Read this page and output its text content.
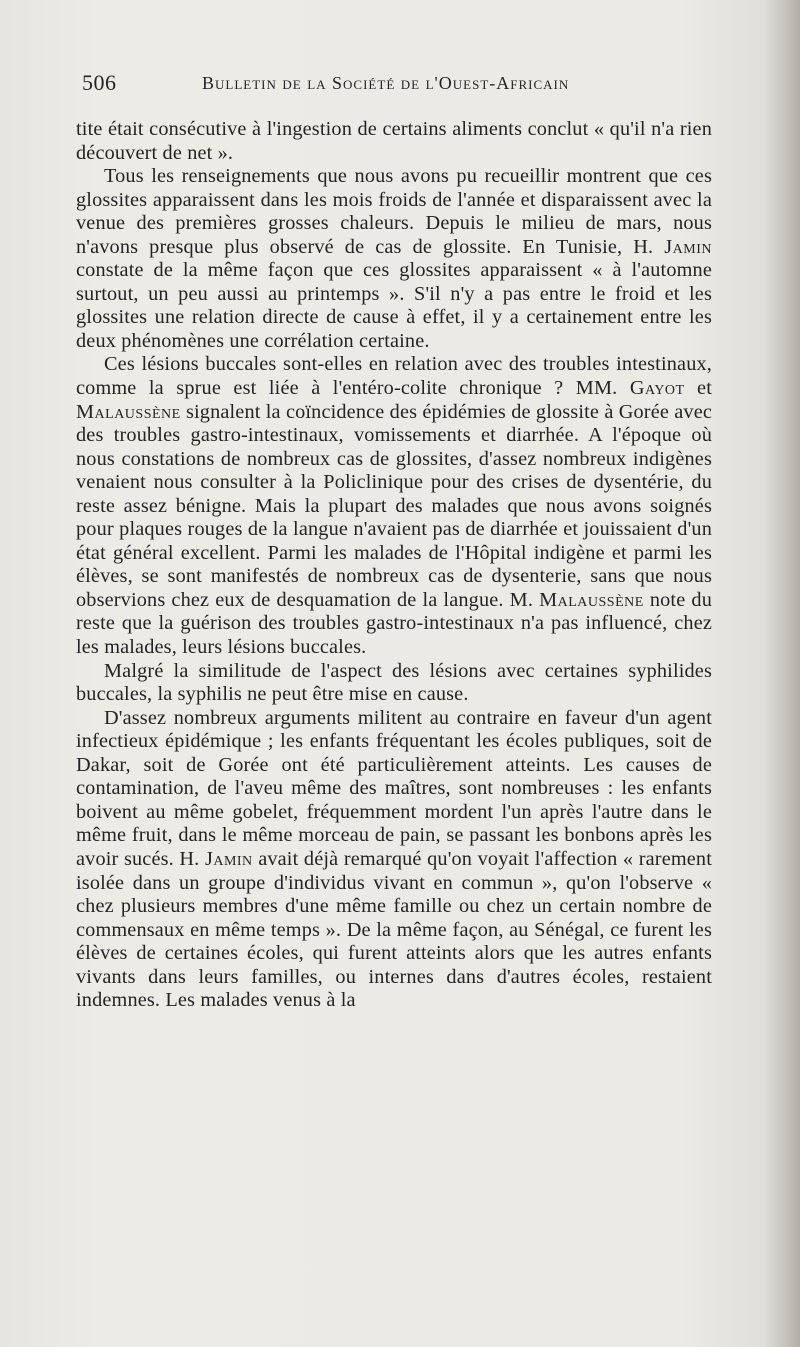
506	Bulletin de la Société de l'Ouest-Africain

tite était consécutive à l'ingestion de certains aliments conclut « qu'il n'a rien découvert de net ».

Tous les renseignements que nous avons pu recueillir montrent que ces glossites apparaissent dans les mois froids de l'année et disparaissent avec la venue des premières grosses chaleurs. Depuis le milieu de mars, nous n'avons presque plus observé de cas de glossite. En Tunisie, H. Jamin constate de la même façon que ces glossites apparaissent « à l'automne surtout, un peu aussi au printemps ». S'il n'y a pas entre le froid et les glossites une relation directe de cause à effet, il y a certainement entre les deux phénomènes une corrélation certaine.

Ces lésions buccales sont-elles en relation avec des troubles intestinaux, comme la sprue est liée à l'entéro-colite chronique ? MM. Gayot et Malaussène signalent la coïncidence des épidémies de glossite à Gorée avec des troubles gastro-intestinaux, vomissements et diarrhée. A l'époque où nous constations de nombreux cas de glossites, d'assez nombreux indigènes venaient nous consulter à la Policlinique pour des crises de dysentérie, du reste assez bénigne. Mais la plupart des malades que nous avons soignés pour plaques rouges de la langue n'avaient pas de diarrhée et jouissaient d'un état général excellent. Parmi les malades de l'Hôpital indigène et parmi les élèves, se sont manifestés de nombreux cas de dysenterie, sans que nous observions chez eux de desquamation de la langue. M. Malaussène note du reste que la guérison des troubles gastro-intestinaux n'a pas influencé, chez les malades, leurs lésions buccales.

Malgré la similitude de l'aspect des lésions avec certaines syphilides buccales, la syphilis ne peut être mise en cause.

D'assez nombreux arguments militent au contraire en faveur d'un agent infectieux épidémique ; les enfants fréquentant les écoles publiques, soit de Dakar, soit de Gorée ont été particulièrement atteints. Les causes de contamination, de l'aveu même des maîtres, sont nombreuses : les enfants boivent au même gobelet, fréquemment mordent l'un après l'autre dans le même fruit, dans le même morceau de pain, se passant les bonbons après les avoir sucés. H. Jamin avait déjà remarqué qu'on voyait l'affection « rarement isolée dans un groupe d'individus vivant en commun », qu'on l'observe « chez plusieurs membres d'une même famille ou chez un certain nombre de commensaux en même temps ». De la même façon, au Sénégal, ce furent les élèves de certaines écoles, qui furent atteints alors que les autres enfants vivants dans leurs familles, ou internes dans d'autres écoles, restaient indemnes. Les malades venus à la
